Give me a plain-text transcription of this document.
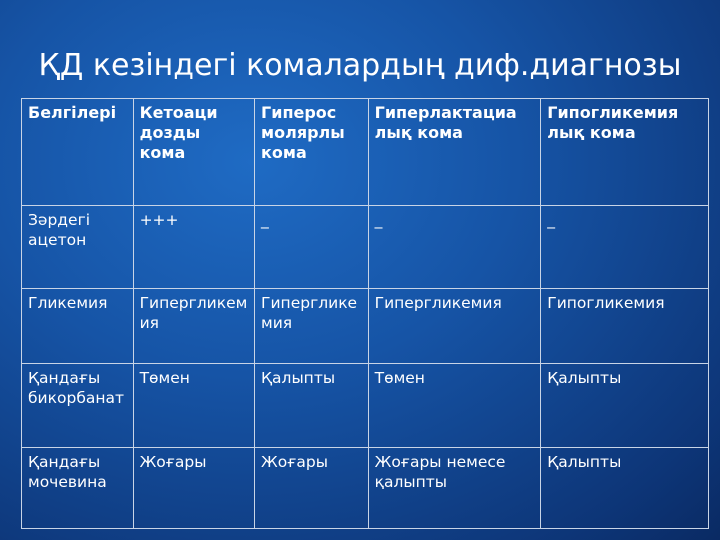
ҚД кезіндегі комалардың диф.диагнозы
Белгілері	Кетоаци дозды кома	Гиперос молярлы кома	Гиперлактациа лық кома	Гипогликемия лық кома
Зәрдегі ацетон	+++	_	_	_
Гликемия	Гипергликемия	Гипергликемия	Гипергликемия	Гипогликемия
Қандағы бикорбанат	Төмен	Қалыпты	Төмен	Қалыпты
Қандағы мочевина	Жоғары	Жоғары	Жоғары немесе қалыпты	Қалыпты
